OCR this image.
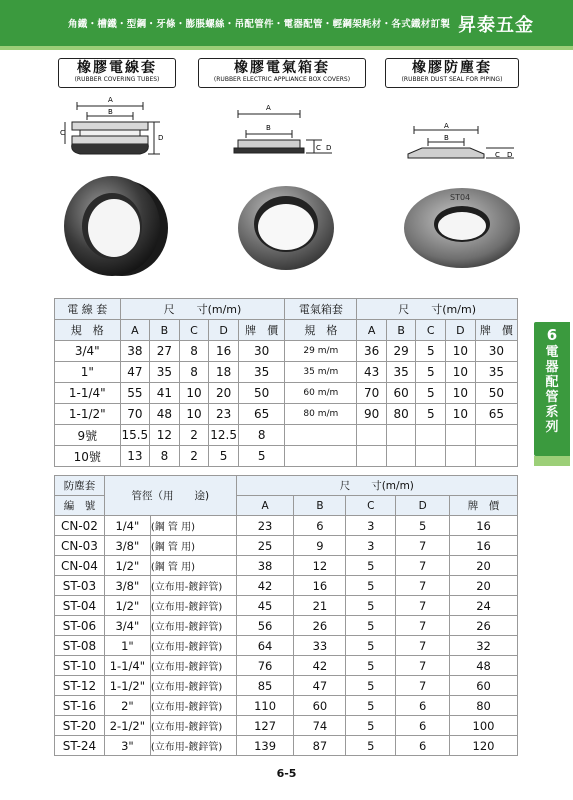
角鐵・槽鐵・型鋼・牙條・膨脹螺絲・吊配管件・電器配管・輕鋼架耗材・各式鐵材訂製 昇泰五金
橡膠電線套
(RUBBER COVERING TUBES)
橡膠電氣箱套
(RUBBER ELECTRIC APPLIANCE BOX COVERS)
橡膠防塵套
(RUBBER DUST SEAL FOR PIPING)
A
B
C
D
A
B
C D
A
B
C D
ST04
電 線 套	尺　　寸(m/m)					電氣箱套	尺　　寸(m/m)				
規　格	A	B	C	D	牌　價	規　格	A	B	C	D	牌　價
3/4"	38	27	8	16	30	29 m/m	36	29	5	10	30
1"	47	35	8	18	35	35 m/m	43	35	5	10	35
1-1/4"	55	41	10	20	50	60 m/m	70	60	5	10	50
1-1/2"	70	48	10	23	65	80 m/m	90	80	5	10	65
9號	15.5	12	2	12.5	8						
10號	13	8	2	5	5						
防塵套	管徑（用　　途)		尺　　寸(m/m)				
編　號			A	B	C	D	牌　價
CN-02	1/4"	(鋼 管 用)	23	6	3	5	16
CN-03	3/8"	(鋼 管 用)	25	9	3	7	16
CN-04	1/2"	(鋼 管 用)	38	12	5	7	20
ST-03	3/8"	(立布用-鍍鋅管)	42	16	5	7	20
ST-04	1/2"	(立布用-鍍鋅管)	45	21	5	7	24
ST-06	3/4"	(立布用-鍍鋅管)	56	26	5	7	26
ST-08	1"	(立布用-鍍鋅管)	64	33	5	7	32
ST-10	1-1/4"	(立布用-鍍鋅管)	76	42	5	7	48
ST-12	1-1/2"	(立布用-鍍鋅管)	85	47	5	7	60
ST-16	2"	(立布用-鍍鋅管)	110	60	5	6	80
ST-20	2-1/2"	(立布用-鍍鋅管)	127	74	5	6	100
ST-24	3"	(立布用-鍍鋅管)	139	87	5	6	120
6
電
器
配
管
系
列
6-5
